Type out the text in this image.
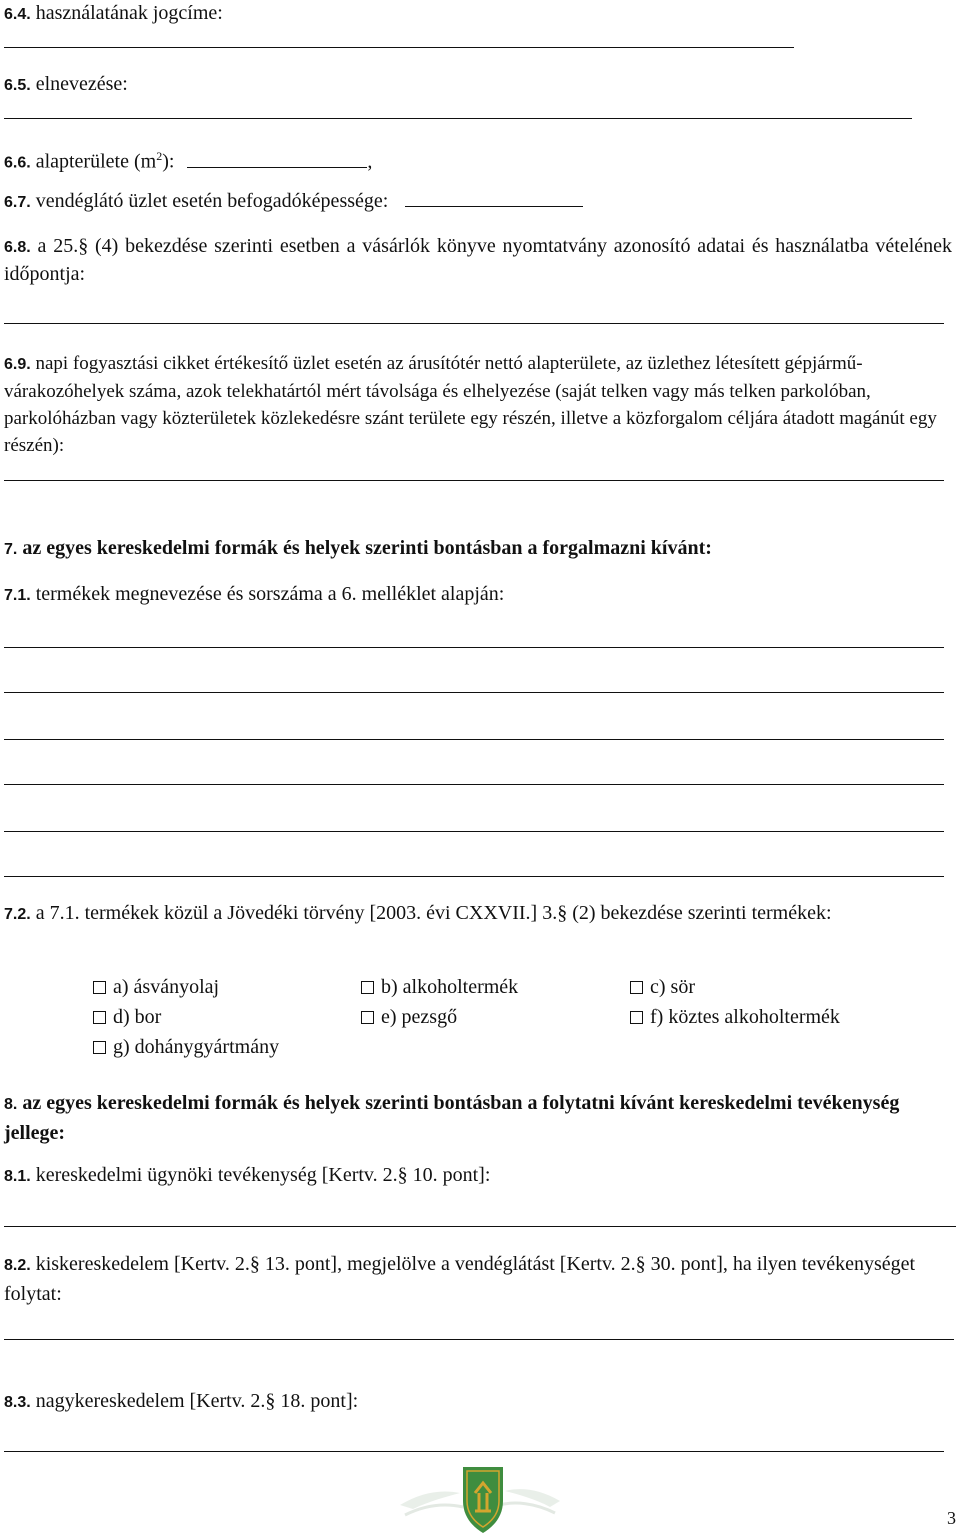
6.4. használatának jogcíme:
6.5. elnevezése:
6.6. alapterülete $(m^2)$:	,
6.7. vendéglátó üzlet esetén befogadóképessége:
6.8. a 25.§ (4) bekezdése szerinti esetben a vásárlók könyve nyomtatvány azonosító adatai és használatba vételének időpontja:
6.9. napi fogyasztási cikket értékesítő üzlet esetén az árusítótér nettó alapterülete, az üzlethez létesített gépjármű-várakozóhelyek száma, azok telekhatártól mért távolsága és elhelyezése (saját telken vagy más telken parkolóban, parkolóházban vagy közterületek közlekedésre szánt területe egy részén, illetve a közforgalom céljára átadott magánút egy részén):
7. az egyes kereskedelmi formák és helyek szerinti bontásban a forgalmazni kívánt:
7.1. termékek megnevezése és sorszáma a 6. melléklet alapján:
7.2. a 7.1. termékek közül a Jövedéki törvény [2003. évi CXXVII.] 3.§ (2) bekezdése szerinti termékek:
a) ásványolaj	b) alkoholtermék	c) sör
d) bor	e) pezsgő	f) köztes alkoholtermék
g) dohánygyártmány
8. az egyes kereskedelmi formák és helyek szerinti bontásban a folytatni kívánt kereskedelmi tevékenység jellege:
8.1. kereskedelmi ügynöki tevékenység [Kertv. 2.§ 10. pont]:
8.2. kiskereskedelem [Kertv. 2.§ 13. pont], megjelölve a vendéglátást [Kertv. 2.§ 30. pont], ha ilyen tevékenységet folytat:
8.3. nagykereskedelem [Kertv. 2.§ 18. pont]:
3
